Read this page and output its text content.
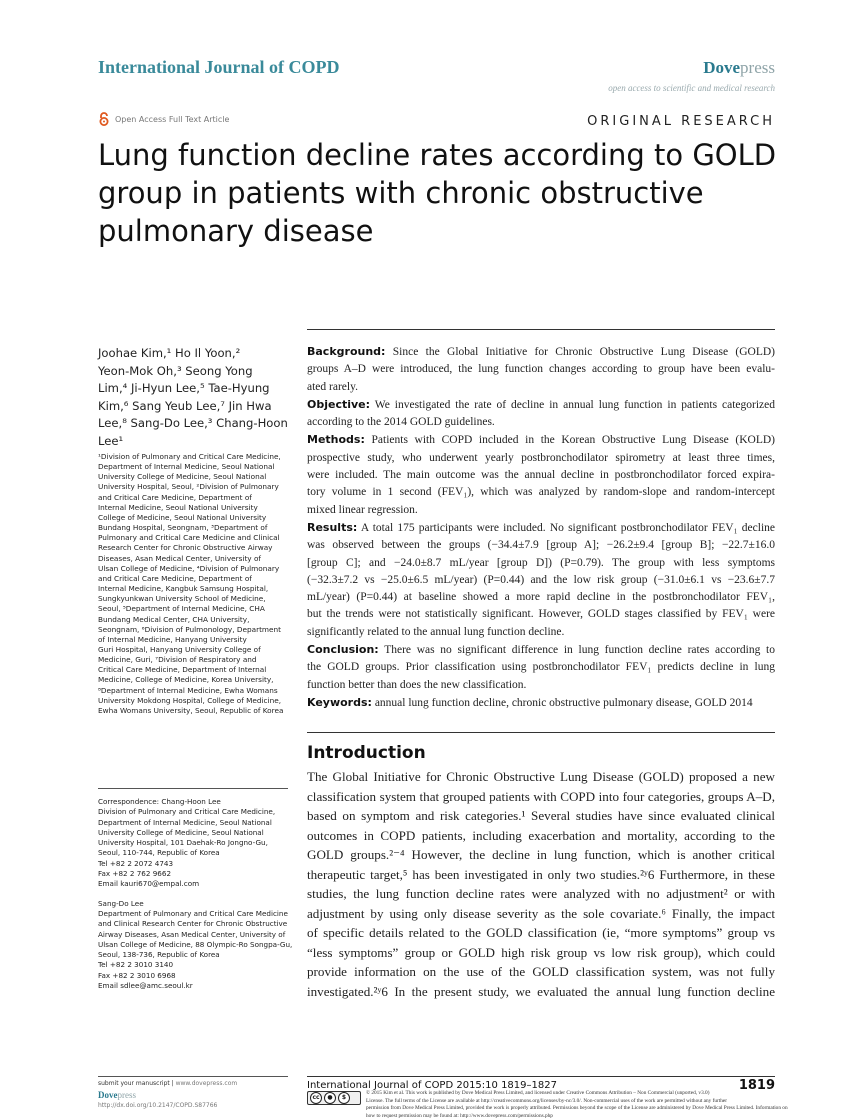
International Journal of COPD	Dovepress
open access to scientific and medical research
Open Access Full Text Article	ORIGINAL RESEARCH
Lung function decline rates according to GOLD
group in patients with chronic obstructive
pulmonary disease
Joohae Kim,¹ Ho Il Yoon,²
Yeon-Mok Oh,³ Seong Yong
Lim,⁴ Ji-Hyun Lee,⁵ Tae-Hyung
Kim,⁶ Sang Yeub Lee,⁷ Jin Hwa
Lee,⁸ Sang-Do Lee,³ Chang-Hoon
Lee¹
¹Division of Pulmonary and Critical Care Medicine,
Department of Internal Medicine, Seoul National
University College of Medicine, Seoul National
University Hospital, Seoul, ²Division of Pulmonary
and Critical Care Medicine, Department of
Internal Medicine, Seoul National University
College of Medicine, Seoul National University
Bundang Hospital, Seongnam, ³Department of
Pulmonary and Critical Care Medicine and Clinical
Research Center for Chronic Obstructive Airway
Diseases, Asan Medical Center, University of
Ulsan College of Medicine, ⁴Division of Pulmonary
and Critical Care Medicine, Department of
Internal Medicine, Kangbuk Samsung Hospital,
Sungkyunkwan University School of Medicine,
Seoul, ⁵Department of Internal Medicine, CHA
Bundang Medical Center, CHA University,
Seongnam, ⁶Division of Pulmonology, Department
of Internal Medicine, Hanyang University
Guri Hospital, Hanyang University College of
Medicine, Guri, ⁷Division of Respiratory and
Critical Care Medicine, Department of Internal
Medicine, College of Medicine, Korea University,
⁸Department of Internal Medicine, Ewha Womans
University Mokdong Hospital, College of Medicine,
Ewha Womans University, Seoul, Republic of Korea
Correspondence: Chang-Hoon Lee
Division of Pulmonary and Critical Care Medicine,
Department of Internal Medicine, Seoul National
University College of Medicine, Seoul National
University Hospital, 101 Daehak-Ro Jongno-Gu,
Seoul, 110-744, Republic of Korea
Tel +82 2 2072 4743
Fax +82 2 762 9662
Email kauri670@empal.com
Sang-Do Lee
Department of Pulmonary and Critical Care Medicine
and Clinical Research Center for Chronic Obstructive
Airway Diseases, Asan Medical Center, University of
Ulsan College of Medicine, 88 Olympic-Ro Songpa-Gu,
Seoul, 138-736, Republic of Korea
Tel +82 2 3010 3140
Fax +82 2 3010 6968
Email sdlee@amc.seoul.kr
Background: Since the Global Initiative for Chronic Obstructive Lung Disease (GOLD)
groups A–D were introduced, the lung function changes according to group have been evalu-
ated rarely.
Objective: We investigated the rate of decline in annual lung function in patients categorized
according to the 2014 GOLD guidelines.
Methods: Patients with COPD included in the Korean Obstructive Lung Disease (KOLD)
prospective study, who underwent yearly postbronchodilator spirometry at least three times,
were included. The main outcome was the annual decline in postbronchodilator forced expira-
tory volume in 1 second (FEV₁), which was analyzed by random-slope and random-intercept
mixed linear regression.
Results: A total 175 participants were included. No significant postbronchodilator FEV₁ decline
was observed between the groups (−34.4±7.9 [group A]; −26.2±9.4 [group B]; −22.7±16.0
[group C]; and −24.0±8.7 mL/year [group D]) (P=0.79). The group with less symptoms
(−32.3±7.2 vs −25.0±6.5 mL/year) (P=0.44) and the low risk group (−31.0±6.1 vs −23.6±7.7
mL/year) (P=0.44) at baseline showed a more rapid decline in the postbronchodilator FEV₁,
but the trends were not statistically significant. However, GOLD stages classified by FEV₁ were
significantly related to the annual lung function decline.
Conclusion: There was no significant difference in lung function decline rates according to
the GOLD groups. Prior classification using postbronchodilator FEV₁ predicts decline in lung
function better than does the new classification.
Keywords: annual lung function decline, chronic obstructive pulmonary disease, GOLD 2014
Introduction
The Global Initiative for Chronic Obstructive Lung Disease (GOLD) proposed a new
classification system that grouped patients with COPD into four categories, groups A–D,
based on symptom and risk categories.¹ Several studies have since evaluated clinical
outcomes in COPD patients, including exacerbation and mortality, according to the
GOLD groups.²⁻⁴ However, the decline in lung function, which is another critical
therapeutic target,⁵ has been investigated in only two studies.²ʸ6 Furthermore, in these
studies, the lung function decline rates were analyzed with no adjustment² or with
adjustment by using only disease severity as the sole covariate.⁶ Finally, the impact
of specific details related to the GOLD classification (ie, “more symptoms” group vs
“less symptoms” group or GOLD high risk group vs low risk group), which could
provide information on the use of the GOLD classification system, was not fully
investigated.²ʸ6 In the present study, we evaluated the annual lung function decline
submit your manuscript | www.dovepress.com
Dovepress
http://dx.doi.org/10.2147/COPD.S87766
International Journal of COPD 2015:10 1819–1827	1819
cc	●	$
© 2015 Kim et al. This work is published by Dove Medical Press Limited, and licensed under Creative Commons Attribution – Non Commercial (unported, v3.0)
License. The full terms of the License are available at http://creativecommons.org/licenses/by-nc/3.0/. Non-commercial uses of the work are permitted without any further
permission from Dove Medical Press Limited, provided the work is properly attributed. Permissions beyond the scope of the License are administered by Dove Medical Press Limited. Information on
how to request permission may be found at: http://www.dovepress.com/permissions.php
